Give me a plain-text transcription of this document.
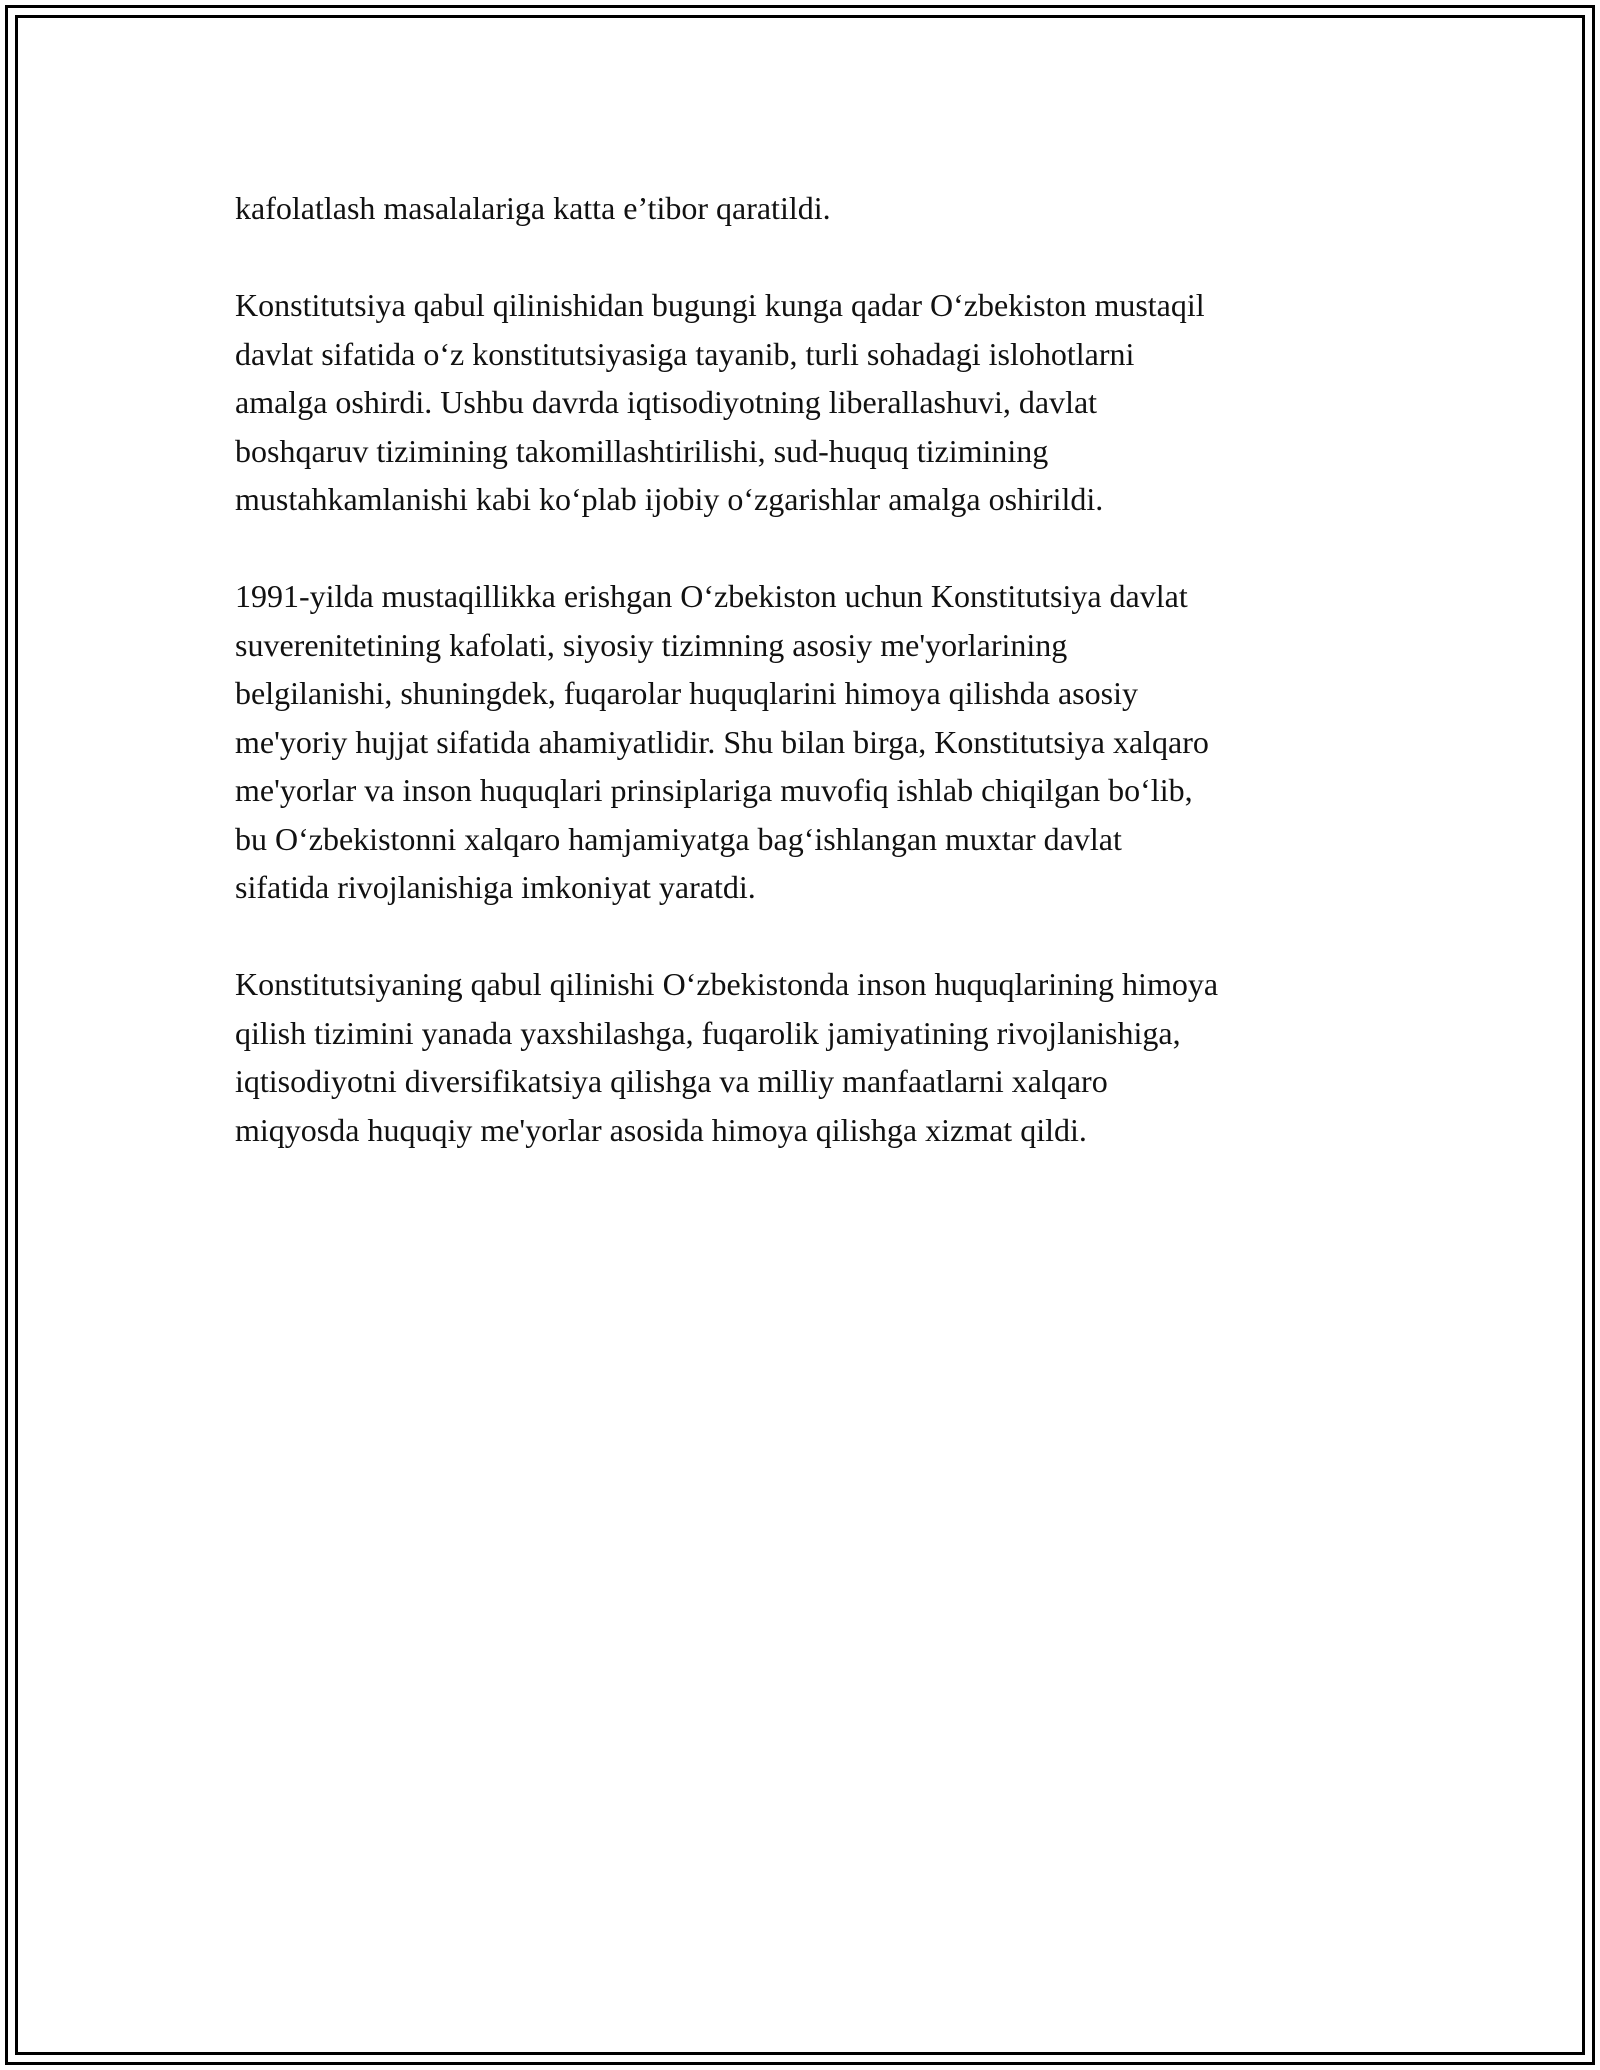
kafolatlash masalalariga katta e’tibor qaratildi.

Konstitutsiya qabul qilinishidan bugungi kunga qadar O‘zbekiston mustaqil
davlat sifatida o‘z konstitutsiyasiga tayanib, turli sohadagi islohotlarni
amalga oshirdi. Ushbu davrda iqtisodiyotning liberallashuvi, davlat
boshqaruv tizimining takomillashtirilishi, sud-huquq tizimining
mustahkamlanishi kabi ko‘plab ijobiy o‘zgarishlar amalga oshirildi.

1991-yilda mustaqillikka erishgan O‘zbekiston uchun Konstitutsiya davlat
suverenitetining kafolati, siyosiy tizimning asosiy me'yorlarining
belgilanishi, shuningdek, fuqarolar huquqlarini himoya qilishda asosiy
me'yoriy hujjat sifatida ahamiyatlidir. Shu bilan birga, Konstitutsiya xalqaro
me'yorlar va inson huquqlari prinsiplariga muvofiq ishlab chiqilgan bo‘lib,
bu O‘zbekistonni xalqaro hamjamiyatga bag‘ishlangan muxtar davlat
sifatida rivojlanishiga imkoniyat yaratdi.

Konstitutsiyaning qabul qilinishi O‘zbekistonda inson huquqlarining himoya
qilish tizimini yanada yaxshilashga, fuqarolik jamiyatining rivojlanishiga,
iqtisodiyotni diversifikatsiya qilishga va milliy manfaatlarni xalqaro
miqyosda huquqiy me'yorlar asosida himoya qilishga xizmat qildi.
